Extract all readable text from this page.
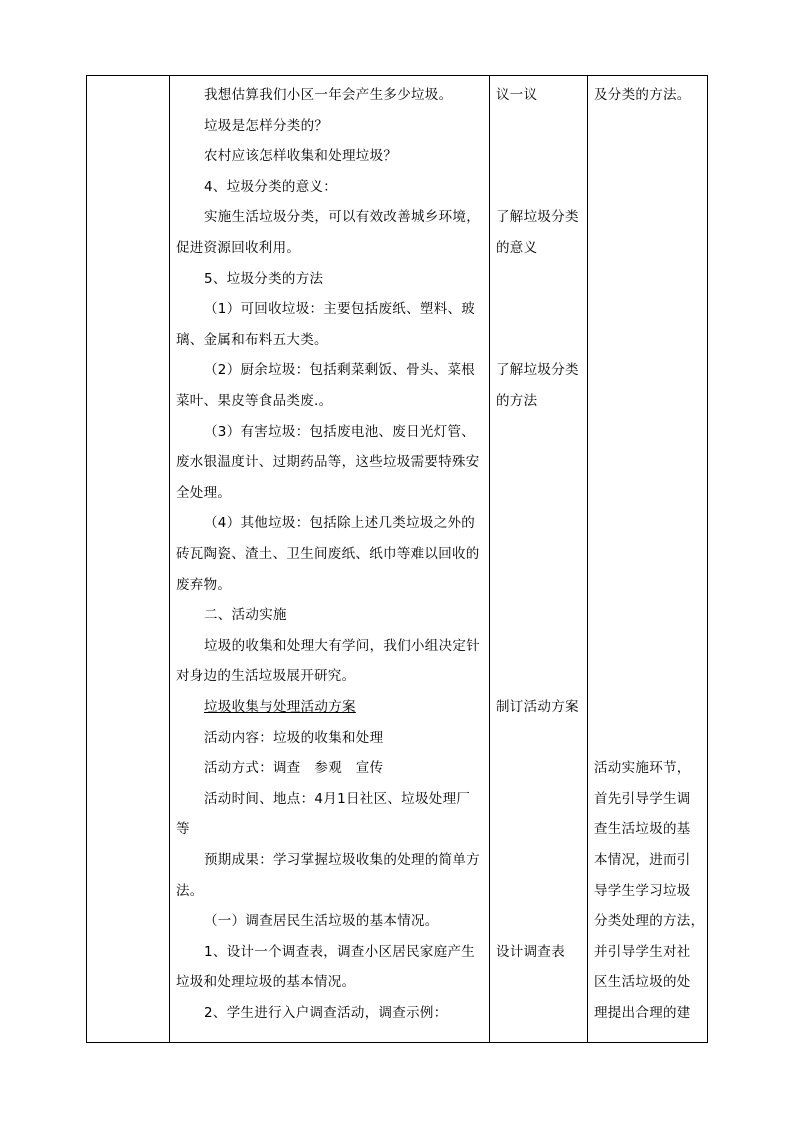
我想估算我们小区一年会产生多少垃圾。
垃圾是怎样分类的？
农村应该怎样收集和处理垃圾？
4、垃圾分类的意义：
实施生活垃圾分类，可以有效改善城乡环境，
促进资源回收利用。
5、垃圾分类的方法
（1）可回收垃圾：主要包括废纸、塑料、玻
璃、金属和布料五大类。
（2）厨余垃圾：包括剩菜剩饭、骨头、菜根
菜叶、果皮等食品类废.。
（3）有害垃圾：包括废电池、废日光灯管、
废水银温度计、过期药品等，这些垃圾需要特殊安
全处理。
（4）其他垃圾：包括除上述几类垃圾之外的
砖瓦陶瓷、渣土、卫生间废纸、纸巾等难以回收的
废弃物。
二、活动实施
垃圾的收集和处理大有学问，我们小组决定针
对身边的生活垃圾展开研究。
垃圾收集与处理活动方案
活动内容：垃圾的收集和处理
活动方式：调查　参观　宣传
活动时间、地点：4月1日社区、垃圾处理厂
等
预期成果：学习掌握垃圾收集的处理的简单方
法。
（一）调查居民生活垃圾的基本情况。
1、设计一个调查表，调查小区居民家庭产生
垃圾和处理垃圾的基本情况。
2、学生进行入户调查活动，调查示例：
议一议
了解垃圾分类
的意义
了解垃圾分类
的方法
制订活动方案
设计调查表
及分类的方法。
活动实施环节，
首先引导学生调
查生活垃圾的基
本情况，进而引
导学生学习垃圾
分类处理的方法，
并引导学生对社
区生活垃圾的处
理提出合理的建
